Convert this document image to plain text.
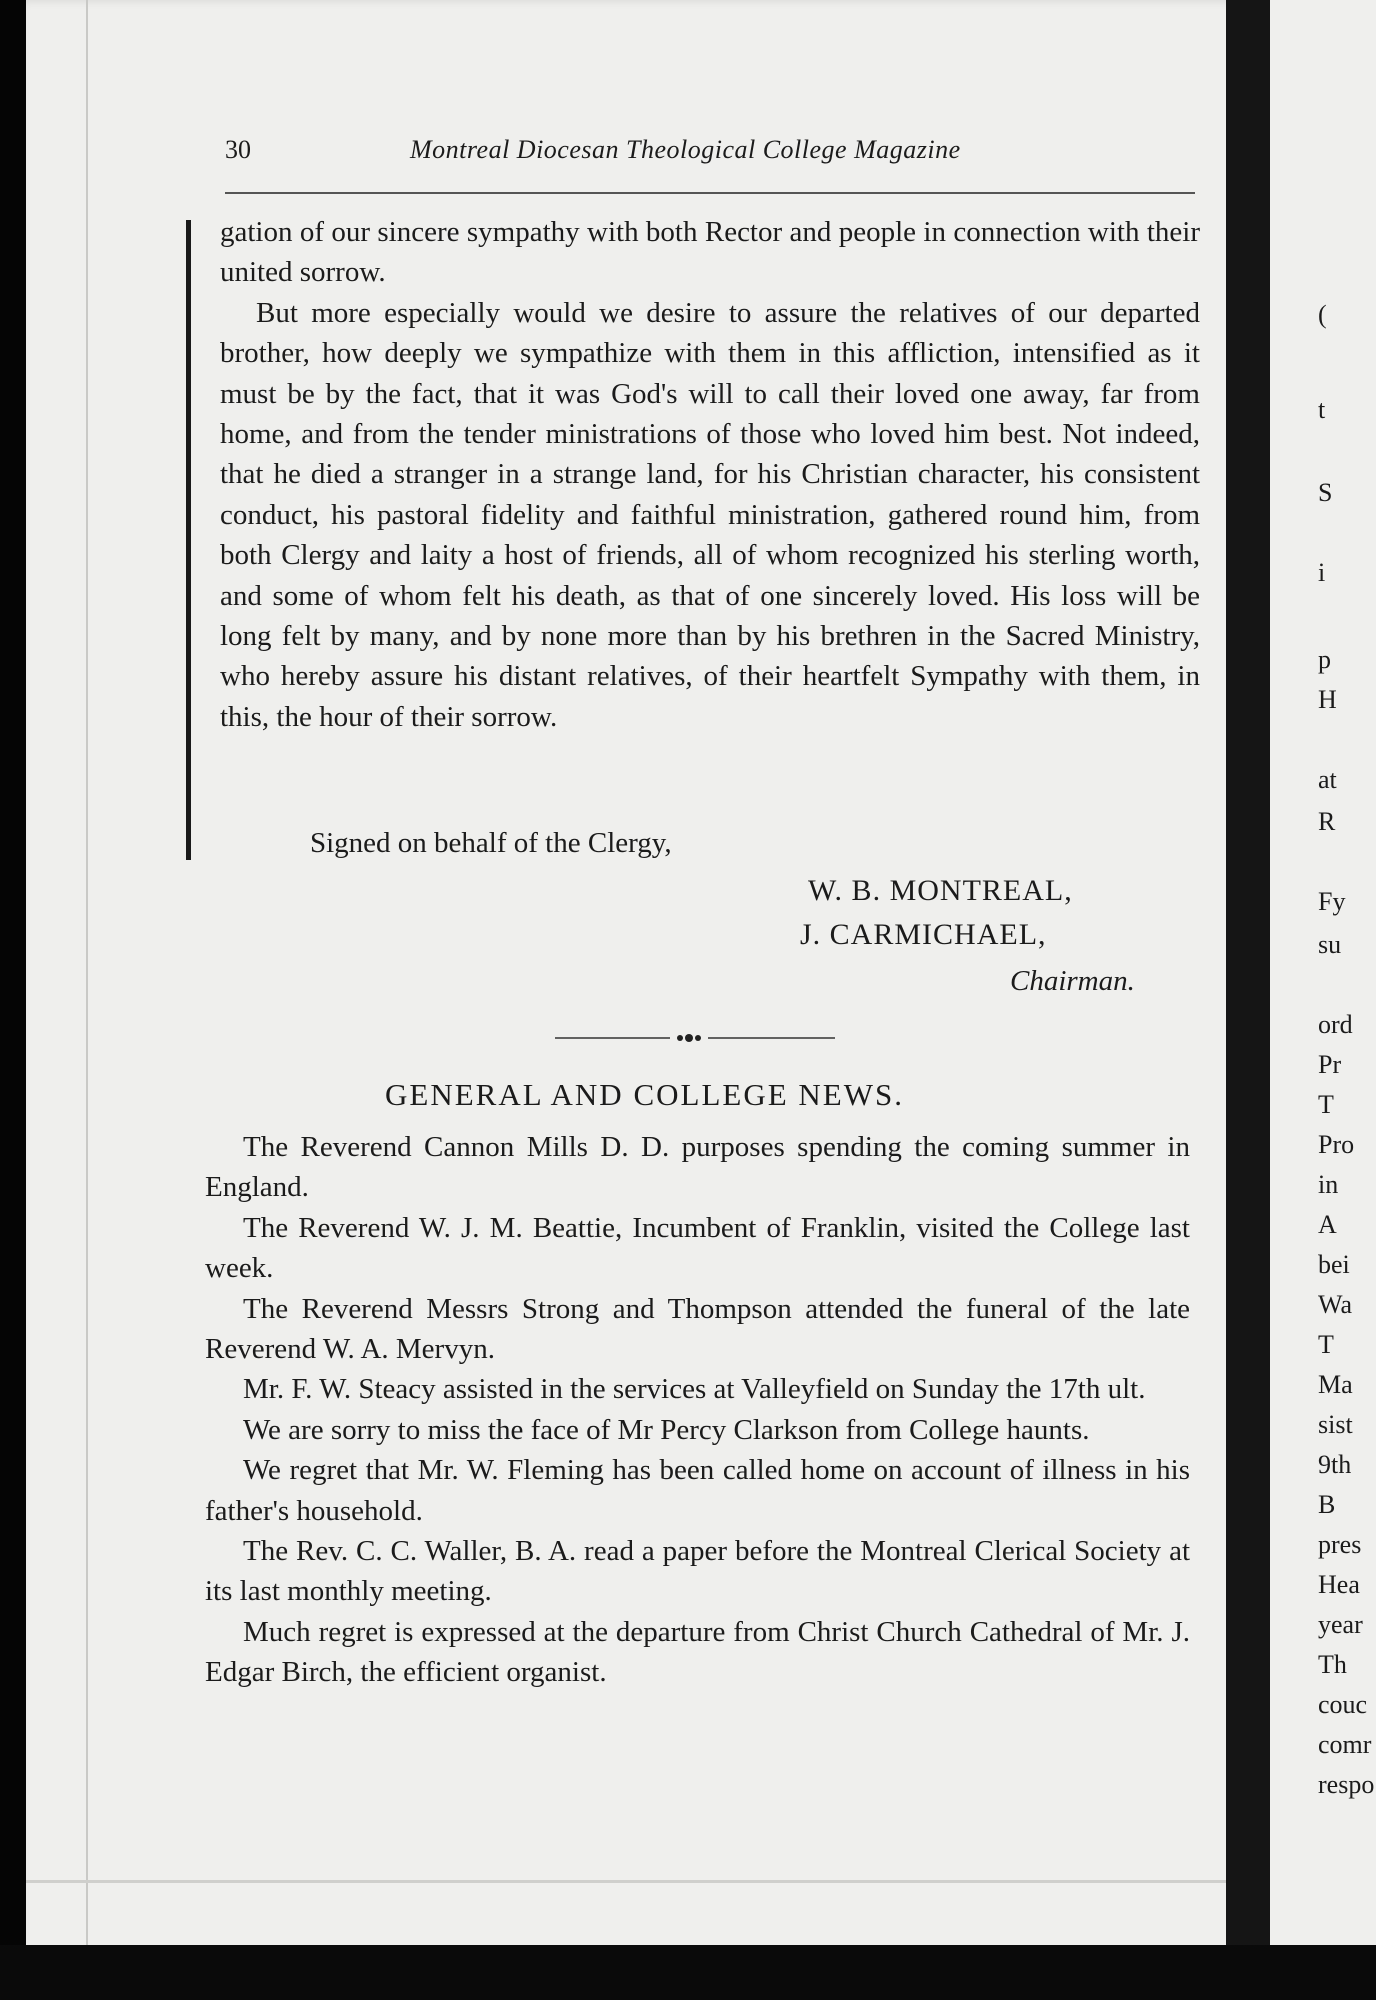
30	Montreal Diocesan Theological College Magazine

gation of our sincere sympathy with both Rector and people in connection with their united sorrow.

But more especially would we desire to assure the relatives of our departed brother, how deeply we sympathize with them in this affliction, intensified as it must be by the fact, that it was God's will to call their loved one away, far from home, and from the tender ministrations of those who loved him best. Not indeed, that he died a stranger in a strange land, for his Christian character, his consistent conduct, his pastoral fidelity and faithful ministration, gathered round him, from both Clergy and laity a host of friends, all of whom recognized his sterling worth, and some of whom felt his death, as that of one sincerely loved. His loss will be long felt by many, and by none more than by his brethren in the Sacred Ministry, who hereby assure his distant relatives, of their heartfelt Sympathy with them, in this, the hour of their sorrow.

Signed on behalf of the Clergy,
W. B. MONTREAL,
J. CARMICHAEL,
Chairman.
GENERAL AND COLLEGE NEWS.

The Reverend Cannon Mills D. D. purposes spending the coming summer in England.

The Reverend W. J. M. Beattie, Incumbent of Franklin, visited the College last week.

The Reverend Messrs Strong and Thompson attended the funeral of the late Reverend W. A. Mervyn.

Mr. F. W. Steacy assisted in the services at Valleyfield on Sunday the 17th ult.

We are sorry to miss the face of Mr Percy Clarkson from College haunts.

We regret that Mr. W. Fleming has been called home on account of illness in his father's household.

The Rev. C. C. Waller, B. A. read a paper before the Montreal Clerical Society at its last monthly meeting.

Much regret is expressed at the departure from Christ Church Cathedral of Mr. J. Edgar Birch, the efficient organist.

(
t
S
i
p
H
at
R
Fy
su
ord
Pr
T
Pro
in
A
bei
Wa
T
Ma
sist
9th
B
pres
Hea
year
Th
couc
comr
respo
